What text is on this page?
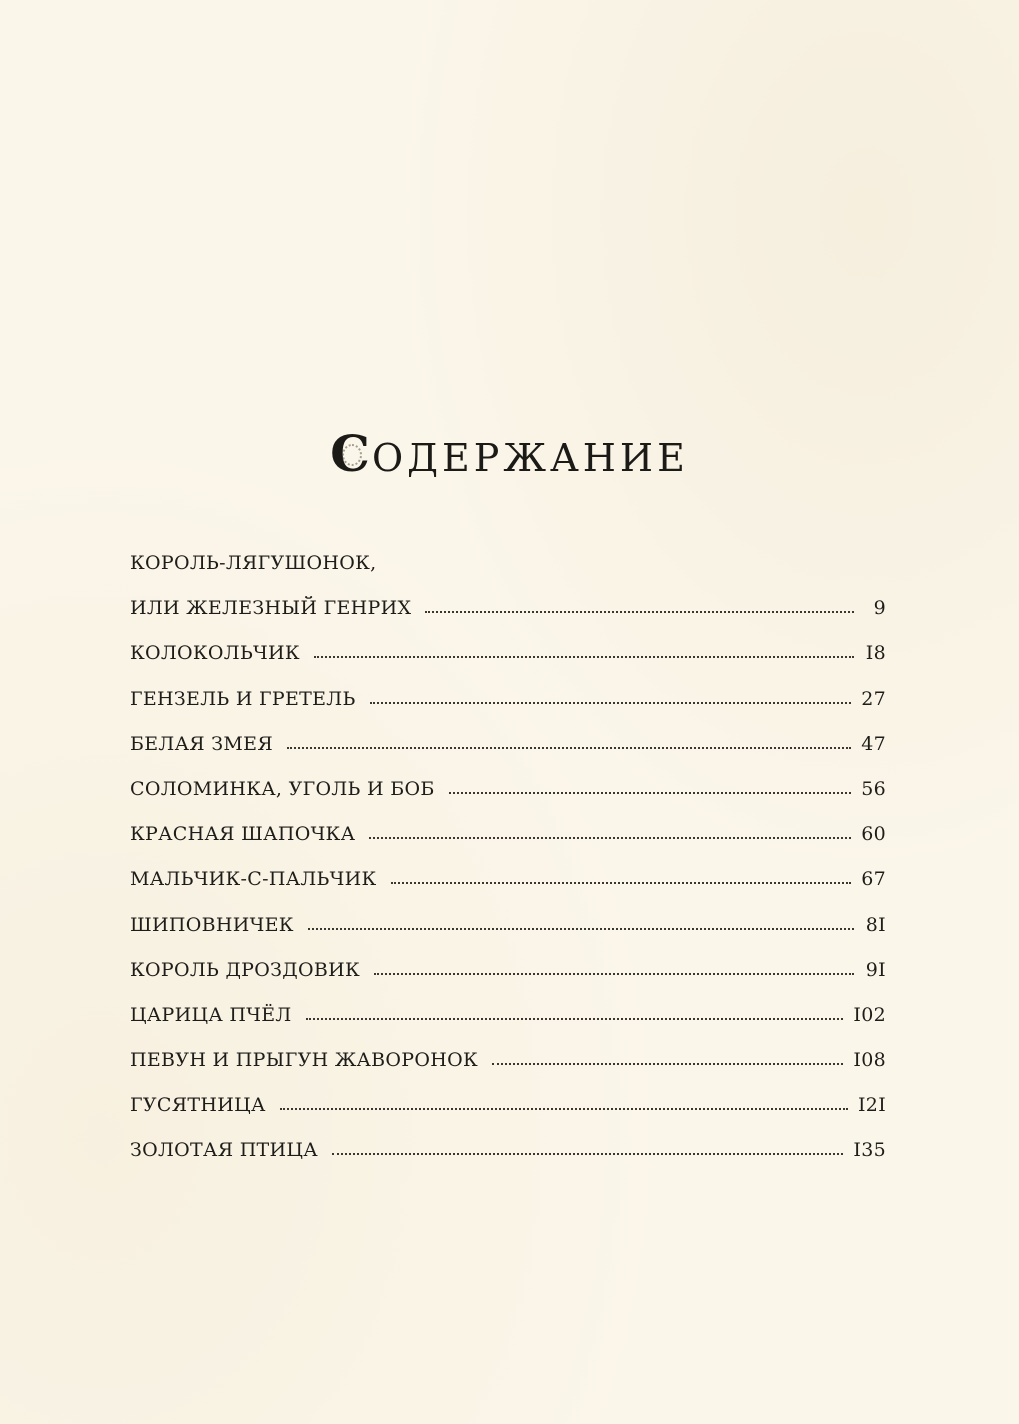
СОДЕРЖАНИЕ
КОРОЛЬ-ЛЯГУШОНОК,
ИЛИ ЖЕЛЕЗНЫЙ ГЕНРИХ	9
КОЛОКОЛЬЧИК	I8
ГЕНЗЕЛЬ И ГРЕТЕЛЬ	27
БЕЛАЯ ЗМЕЯ	47
СОЛОМИНКА, УГОЛЬ И БОБ	56
КРАСНАЯ ШАПОЧКА	60
МАЛЬЧИК-С-ПАЛЬЧИК	67
ШИПОВНИЧЕК	8I
КОРОЛЬ ДРОЗДОВИК	9I
ЦАРИЦА ПЧЁЛ	I02
ПЕВУН И ПРЫГУН ЖАВОРОНОК	I08
ГУСЯТНИЦА	I2I
ЗОЛОТАЯ ПТИЦА	I35
